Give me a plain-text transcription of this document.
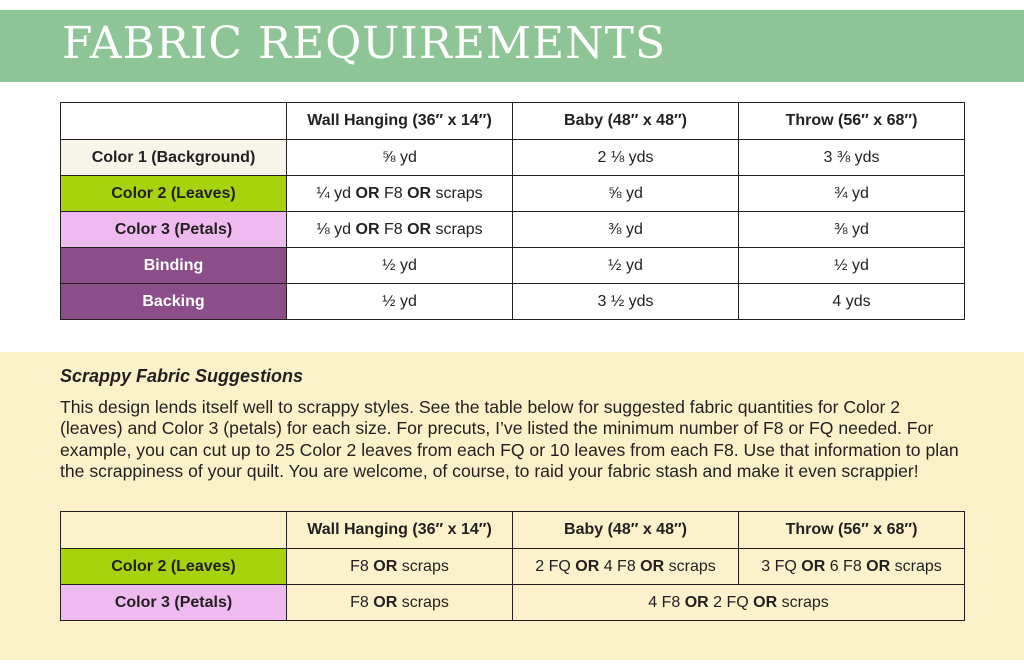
FABRIC REQUIREMENTS
	Wall Hanging (36″ x 14″)	Baby (48″ x 48″)	Throw (56″ x 68″)
Color 1 (Background)	⅝ yd	2 ⅛ yds	3 ⅜ yds
Color 2 (Leaves)	¼ yd OR F8 OR scraps	⅝ yd	¾ yd
Color 3 (Petals)	⅛ yd OR F8 OR scraps	⅜ yd	⅜ yd
Binding	½ yd	½ yd	½ yd
Backing	½ yd	3 ½ yds	4 yds
Scrappy Fabric Suggestions
This design lends itself well to scrappy styles. See the table below for suggested fabric quantities for Color 2 (leaves) and Color 3 (petals) for each size. For precuts, I’ve listed the minimum number of F8 or FQ needed. For example, you can cut up to 25 Color 2 leaves from each FQ or 10 leaves from each F8. Use that information to plan the scrappiness of your quilt. You are welcome, of course, to raid your fabric stash and make it even scrappier!
	Wall Hanging (36″ x 14″)	Baby (48″ x 48″)	Throw (56″ x 68″)
Color 2 (Leaves)	F8 OR scraps	2 FQ OR 4 F8 OR scraps	3 FQ OR 6 F8 OR scraps
Color 3 (Petals)	F8 OR scraps	4 F8 OR 2 FQ OR scraps	
